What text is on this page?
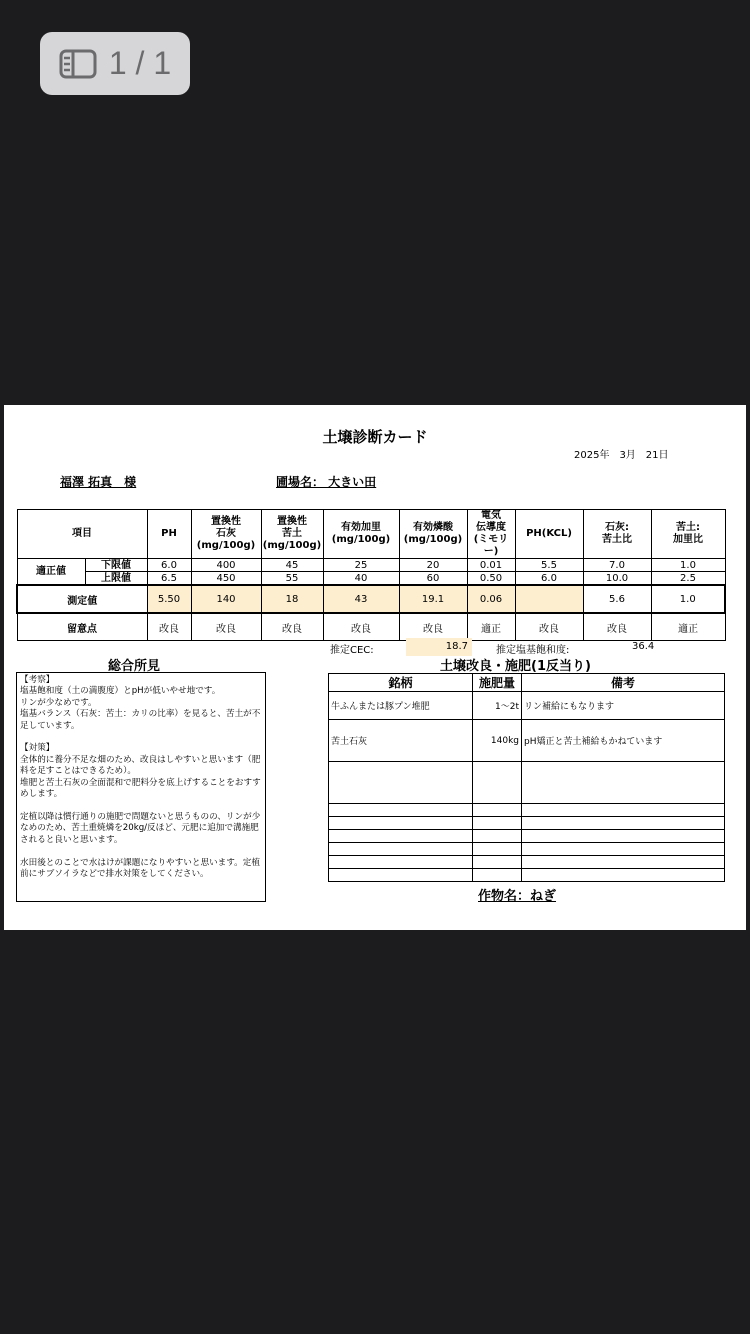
1 / 1
土壌診断カード
2025年　3月　21日
福澤 拓真　様	圃場名： 大きい田
項目		PH	置換性
石灰
(mg/100g)	置換性
苦土
(mg/100g)	有効加里
(mg/100g)	有効燐酸
(mg/100g)	電気
伝導度
(ミモリー)	PH(KCL)	石灰:
苦土比	苦土:
加里比
適正値	下限値	6.0	400	45	25	20	0.01	5.5	7.0	1.0
	上限値	6.5	450	55	40	60	0.50	6.0	10.0	2.5
測定値		5.50	140	18	43	19.1	0.06		5.6	1.0
留意点		改良	改良	改良	改良	改良	適正	改良	改良	適正
推定CEC:	18.7	推定塩基飽和度:	36.4
総合所見	土壌改良・施肥(1反当り)
【考察】
塩基飽和度（土の満腹度）とpHが低いやせ地です。
リンが少なめです。
塩基バランス（石灰：苦土：カリの比率）を見ると、苦土が不足しています。

【対策】
全体的に養分不足な畑のため、改良はしやすいと思います（肥料を足すことはできるため）。
堆肥と苦土石灰の全面混和で肥料分を底上げすることをおすすめします。

定植以降は慣行通りの施肥で問題ないと思うものの、リンが少なめのため、苦土重焼燐を20kg/反ほど、元肥に追加で溝施肥されると良いと思います。

水田後とのことで水はけが課題になりやすいと思います。定植前にサブソイラなどで排水対策をしてください。
銘柄	施肥量	備考
牛ふんまたは豚プン堆肥	1～2t	リン補給にもなります
苦土石灰	140kg	pH矯正と苦土補給もかねています

作物名：ねぎ
